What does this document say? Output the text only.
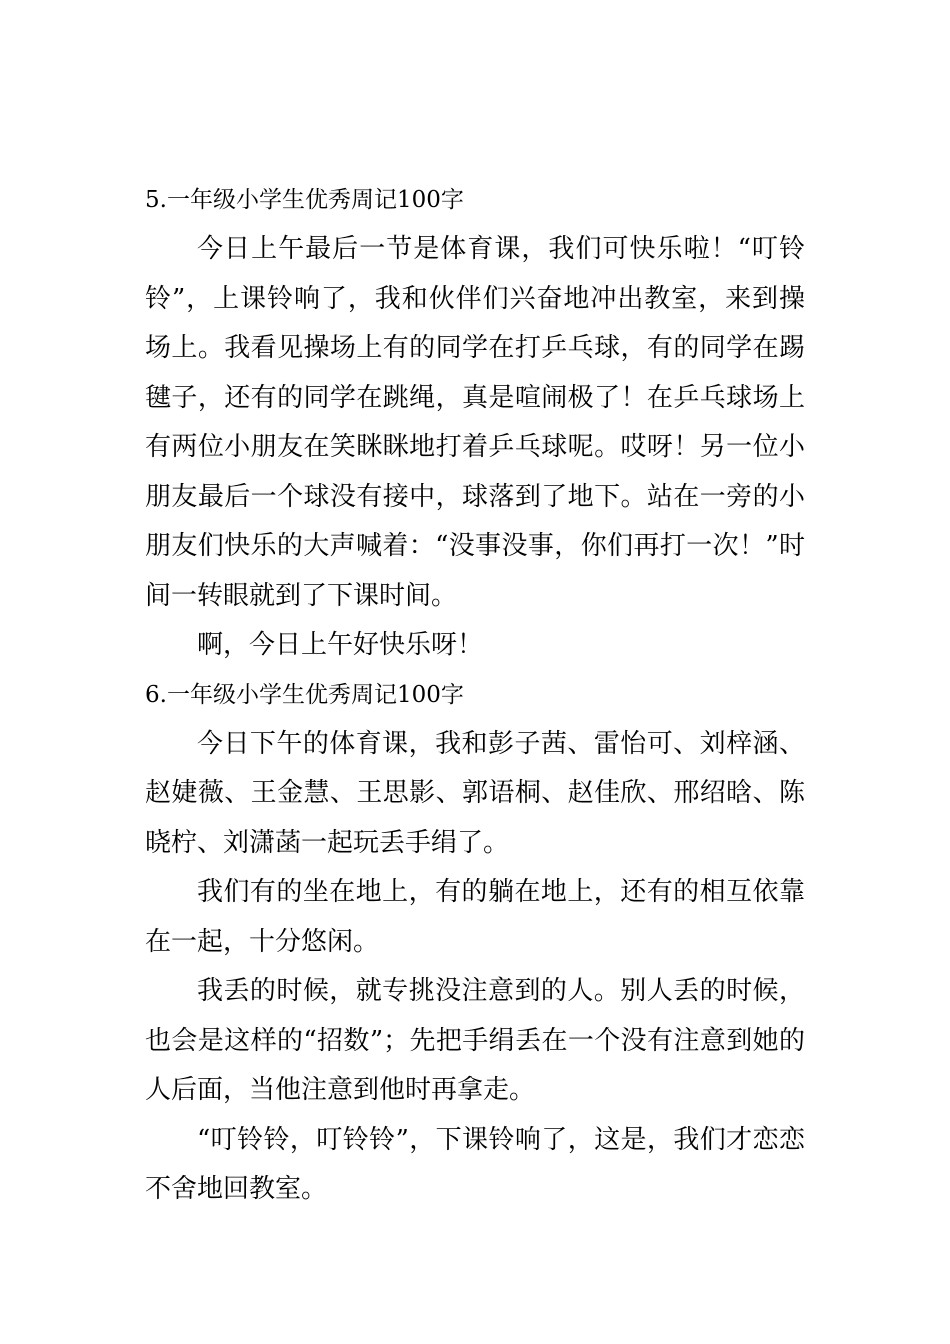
5.一年级小学生优秀周记100字

今日上午最后一节是体育课，我们可快乐啦！“叮铃铃”，上课铃响了，我和伙伴们兴奋地冲出教室，来到操场上。我看见操场上有的同学在打乒乓球，有的同学在踢毽子，还有的同学在跳绳，真是喧闹极了！在乒乓球场上有两位小朋友在笑眯眯地打着乒乓球呢。哎呀！另一位小朋友最后一个球没有接中，球落到了地下。站在一旁的小朋友们快乐的大声喊着：“没事没事，你们再打一次！”时间一转眼就到了下课时间。

啊，今日上午好快乐呀！

6.一年级小学生优秀周记100字

今日下午的体育课，我和彭子茜、雷怡可、刘梓涵、赵婕薇、王金慧、王思影、郭语桐、赵佳欣、邢绍晗、陈晓柠、刘潇菡一起玩丢手绢了。

我们有的坐在地上，有的躺在地上，还有的相互依靠在一起，十分悠闲。

我丢的时候，就专挑没注意到的人。别人丢的时候，也会是这样的“招数”；先把手绢丢在一个没有注意到她的人后面，当他注意到他时再拿走。

“叮铃铃，叮铃铃”，下课铃响了，这是，我们才恋恋不舍地回教室。
